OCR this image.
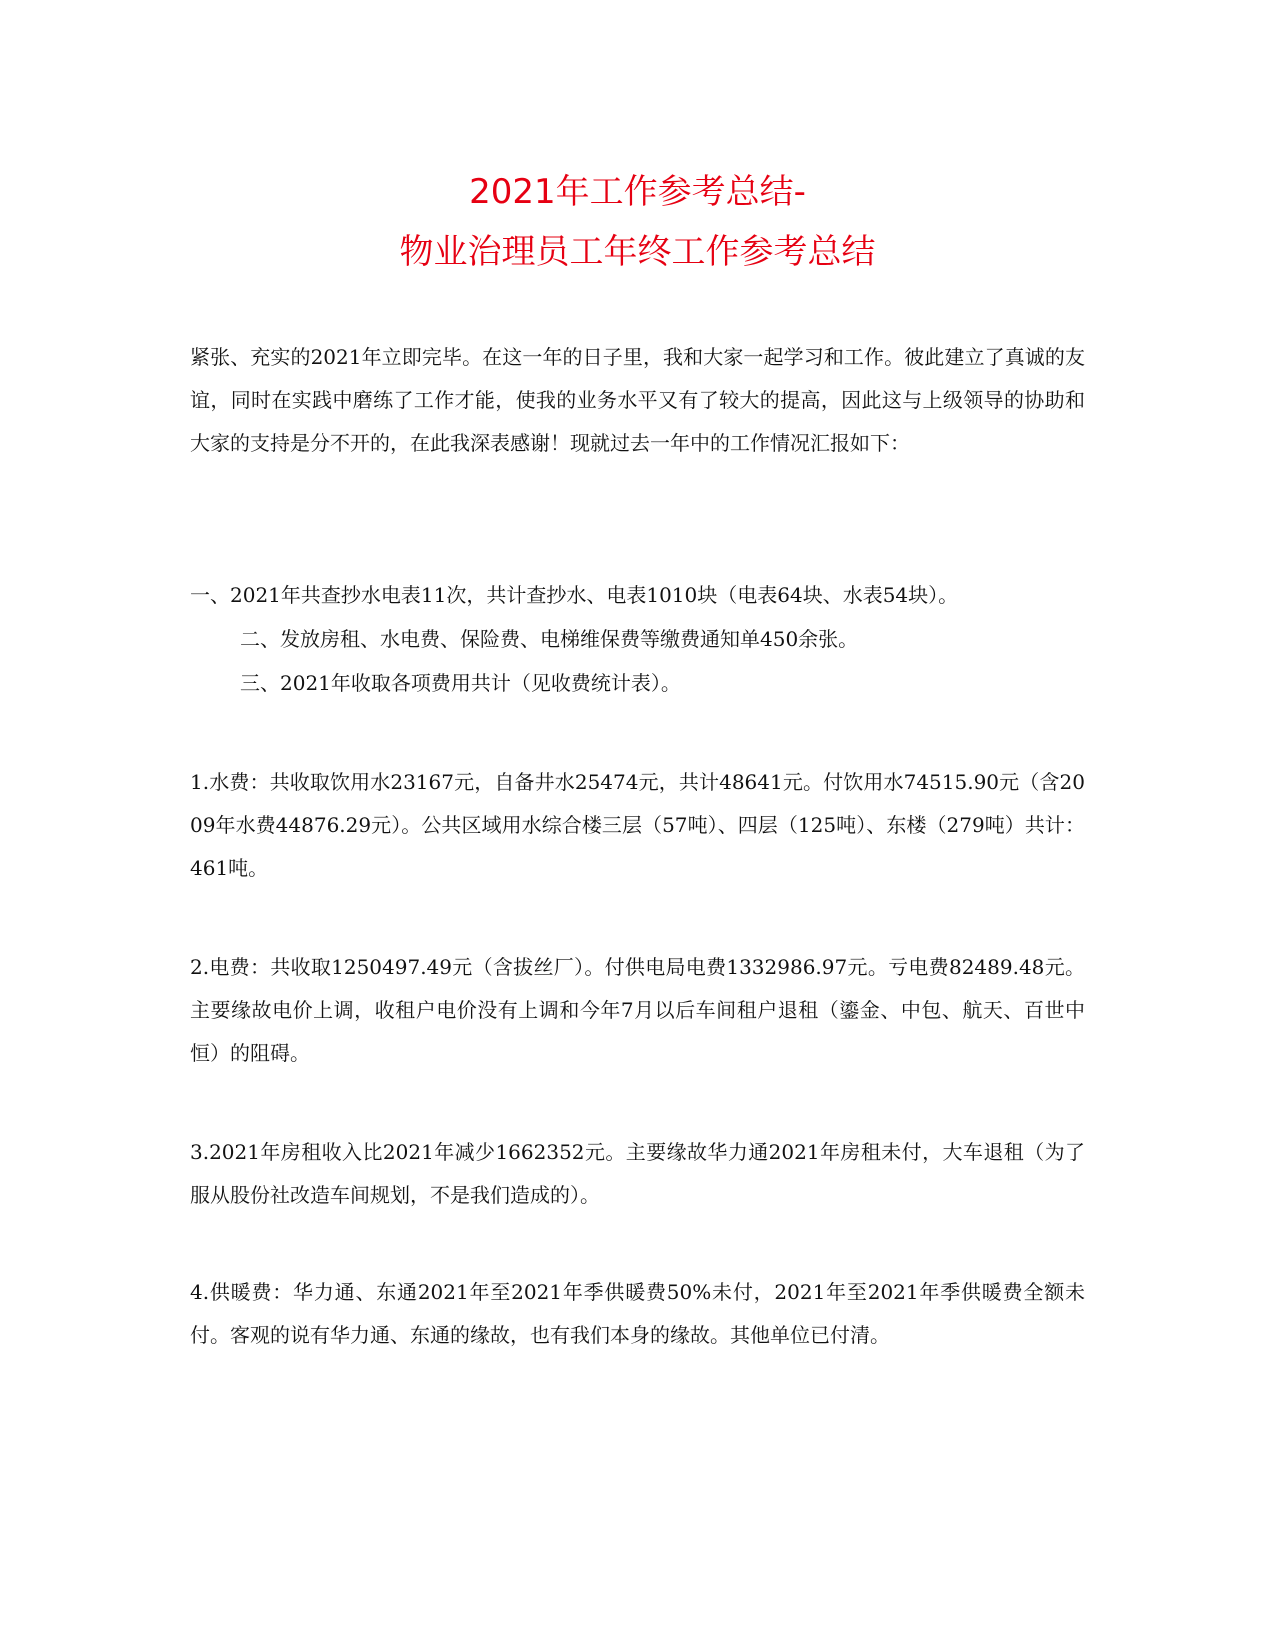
2021年工作参考总结-
物业治理员工年终工作参考总结

紧张、充实的2021年立即完毕。在这一年的日子里，我和大家一起学习和工作。彼此建立了真诚的友谊，同时在实践中磨练了工作才能，使我的业务水平又有了较大的提高，因此这与上级领导的协助和大家的支持是分不开的，在此我深表感谢！现就过去一年中的工作情况汇报如下：

一、2021年共查抄水电表11次，共计查抄水、电表1010块（电表64块、水表54块）。

二、发放房租、水电费、保险费、电梯维保费等缴费通知单450余张。

三、2021年收取各项费用共计（见收费统计表）。

1.水费：共收取饮用水23167元，自备井水25474元，共计48641元。付饮用水74515.90元（含2009年水费44876.29元）。公共区域用水综合楼三层（57吨）、四层（125吨）、东楼（279吨）共计：461吨。

2.电费：共收取1250497.49元（含拔丝厂）。付供电局电费1332986.97元。亏电费82489.48元。主要缘故电价上调，收租户电价没有上调和今年7月以后车间租户退租（鎏金、中包、航天、百世中恒）的阻碍。

3.2021年房租收入比2021年减少1662352元。主要缘故华力通2021年房租未付，大车退租（为了服从股份社改造车间规划，不是我们造成的）。

4.供暖费：华力通、东通2021年至2021年季供暖费50%未付，2021年至2021年季供暖费全额未付。客观的说有华力通、东通的缘故，也有我们本身的缘故。其他单位已付清。
